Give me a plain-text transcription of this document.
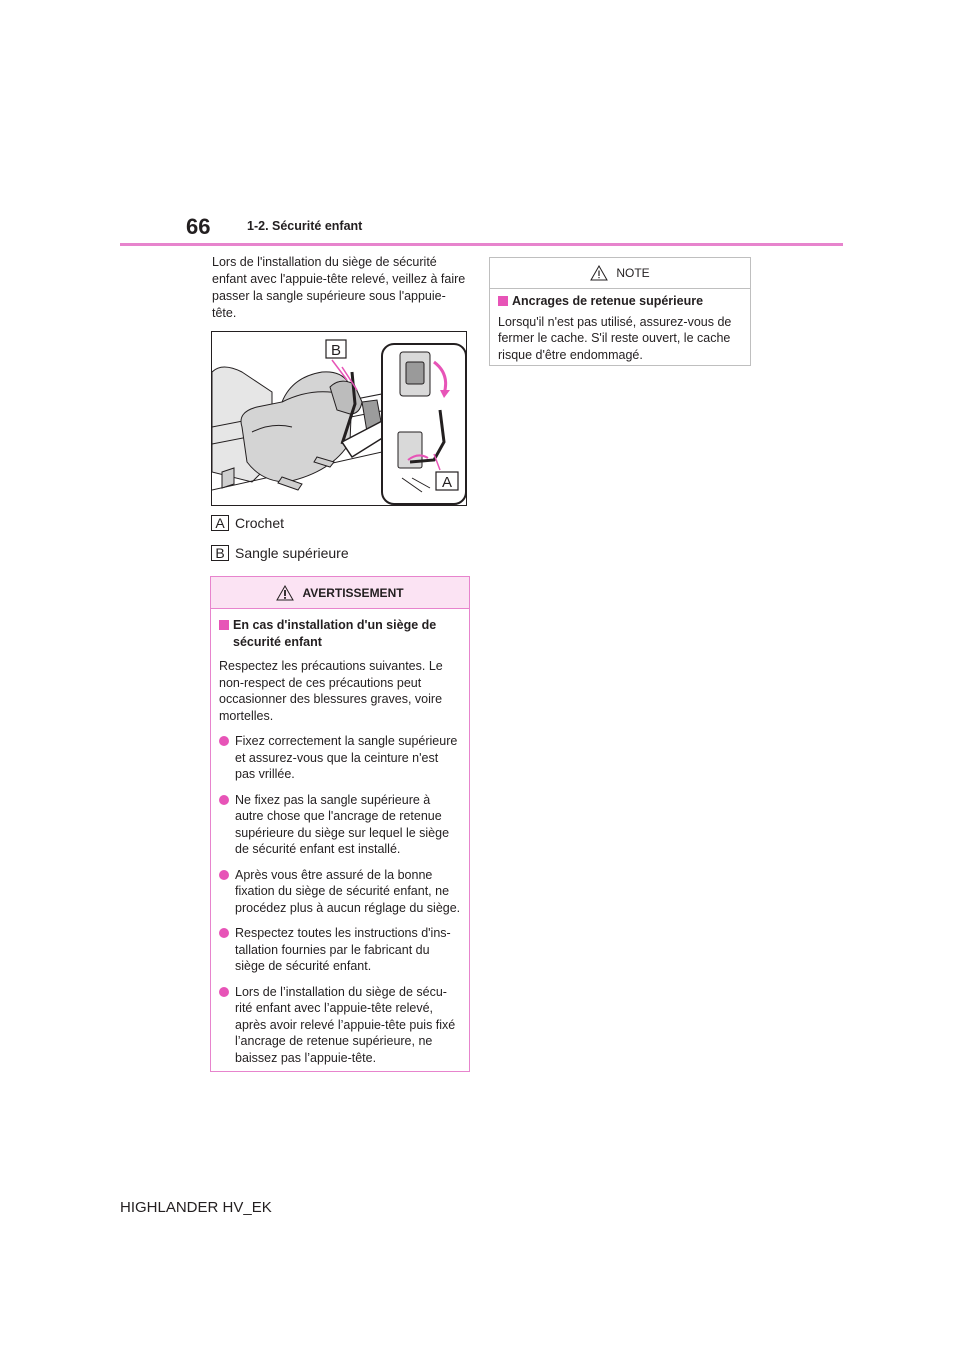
66	1-2. Sécurité enfant
Lors de l'installation du siège de sécurité enfant avec l'appuie-tête relevé, veillez à faire passer la sangle supérieure sous l'appuie-tête.
B
A
A Crochet
B Sangle supérieure
AVERTISSEMENT
En cas d'installation d'un siège de sécurité enfant
Respectez les précautions suivantes. Le non-respect de ces précautions peut occasionner des blessures graves, voire mortelles.
Fixez correctement la sangle supérieure et assurez-vous que la ceinture n'est pas vrillée.
Ne fixez pas la sangle supérieure à autre chose que l'ancrage de retenue supérieure du siège sur lequel le siège de sécurité enfant est installé.
Après vous être assuré de la bonne fixation du siège de sécurité enfant, ne procédez plus à aucun réglage du siège.
Respectez toutes les instructions d'ins- tallation fournies par le fabricant du siège de sécurité enfant.
Lors de l’installation du siège de sécu- rité enfant avec l’appuie-tête relevé, après avoir relevé l’appuie-tête puis fixé l’ancrage de retenue supérieure, ne baissez pas l’appuie-tête.
NOTE
Ancrages de retenue supérieure
Lorsqu'il n'est pas utilisé, assurez-vous de fermer le cache. S'il reste ouvert, le cache risque d'être endommagé.
HIGHLANDER HV_EK
